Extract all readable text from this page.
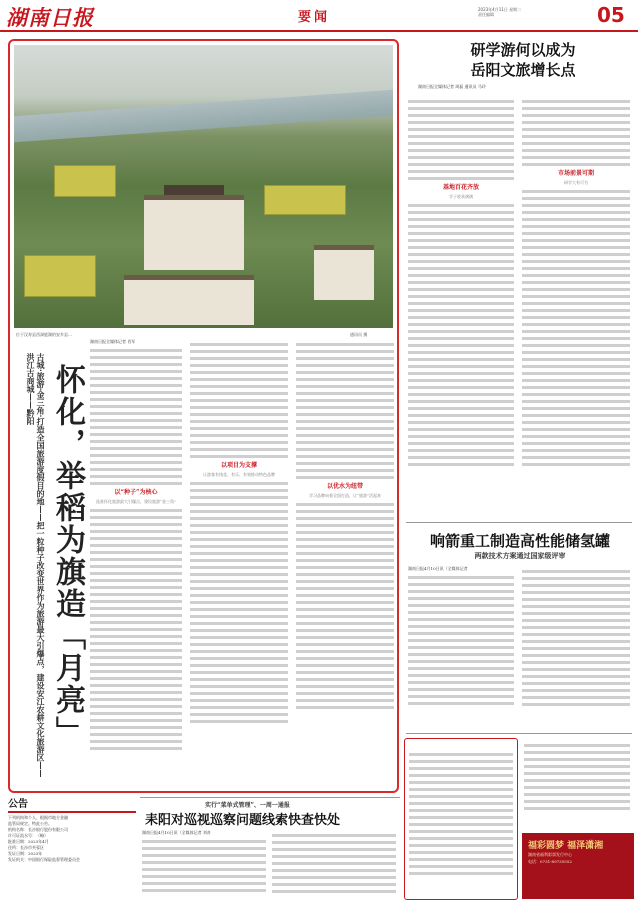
湖南日报	要闻
2023年4月11日 星期二
责任编辑	05
位于汉寿县西洞庭湖的安乡县…	通讯员 摄
古城·旅游·金三角·打造全国旅游度假目的地——把一粒种子改变世界作为旅游最大引爆点，建设安江农耕文化旅游区——洪江古商城——黔阳 怀化，举稻为旗造「月亮」
湖南日报全媒体记者 肖军
以“种子”为核心
选准怀化旅游最大引爆点，建设旅游“金三角”
以项目为支撑
让游客有钱花、有乐、有效推动特色品牌
以优水为纽带
学习品牌向着全国打造，让“旅游”活起来
研学游何以成为
岳阳文旅增长点
湖南日报全媒体记者 周磊 通讯员 马玲
基地百花齐放
学子收获满满
市场前景可期
研学大有可为
响箭重工制造高性能储氢罐
两款技术方案通过国家级评审
湖南日报4月10日讯（全媒体记者
实行“菜单式管理”、一周一通报
耒阳对巡视巡察问题线索快查快处
湖南日报4月10日讯（全媒体记者 刘奇
公告
下列机构和个人，根据市地方金融
监管局规定。特此公告。
机构名称：长沙银行股份有限公司
许可证流水号：（略）
批准日期：2023年4月
住所：长沙市芙蓉区
发证日期：2023年
发证机关：中国银行保险监督管理委员会
福彩圆梦 福泽潇湘
湖南省福利彩票发行中心
电话：0731-89735552
